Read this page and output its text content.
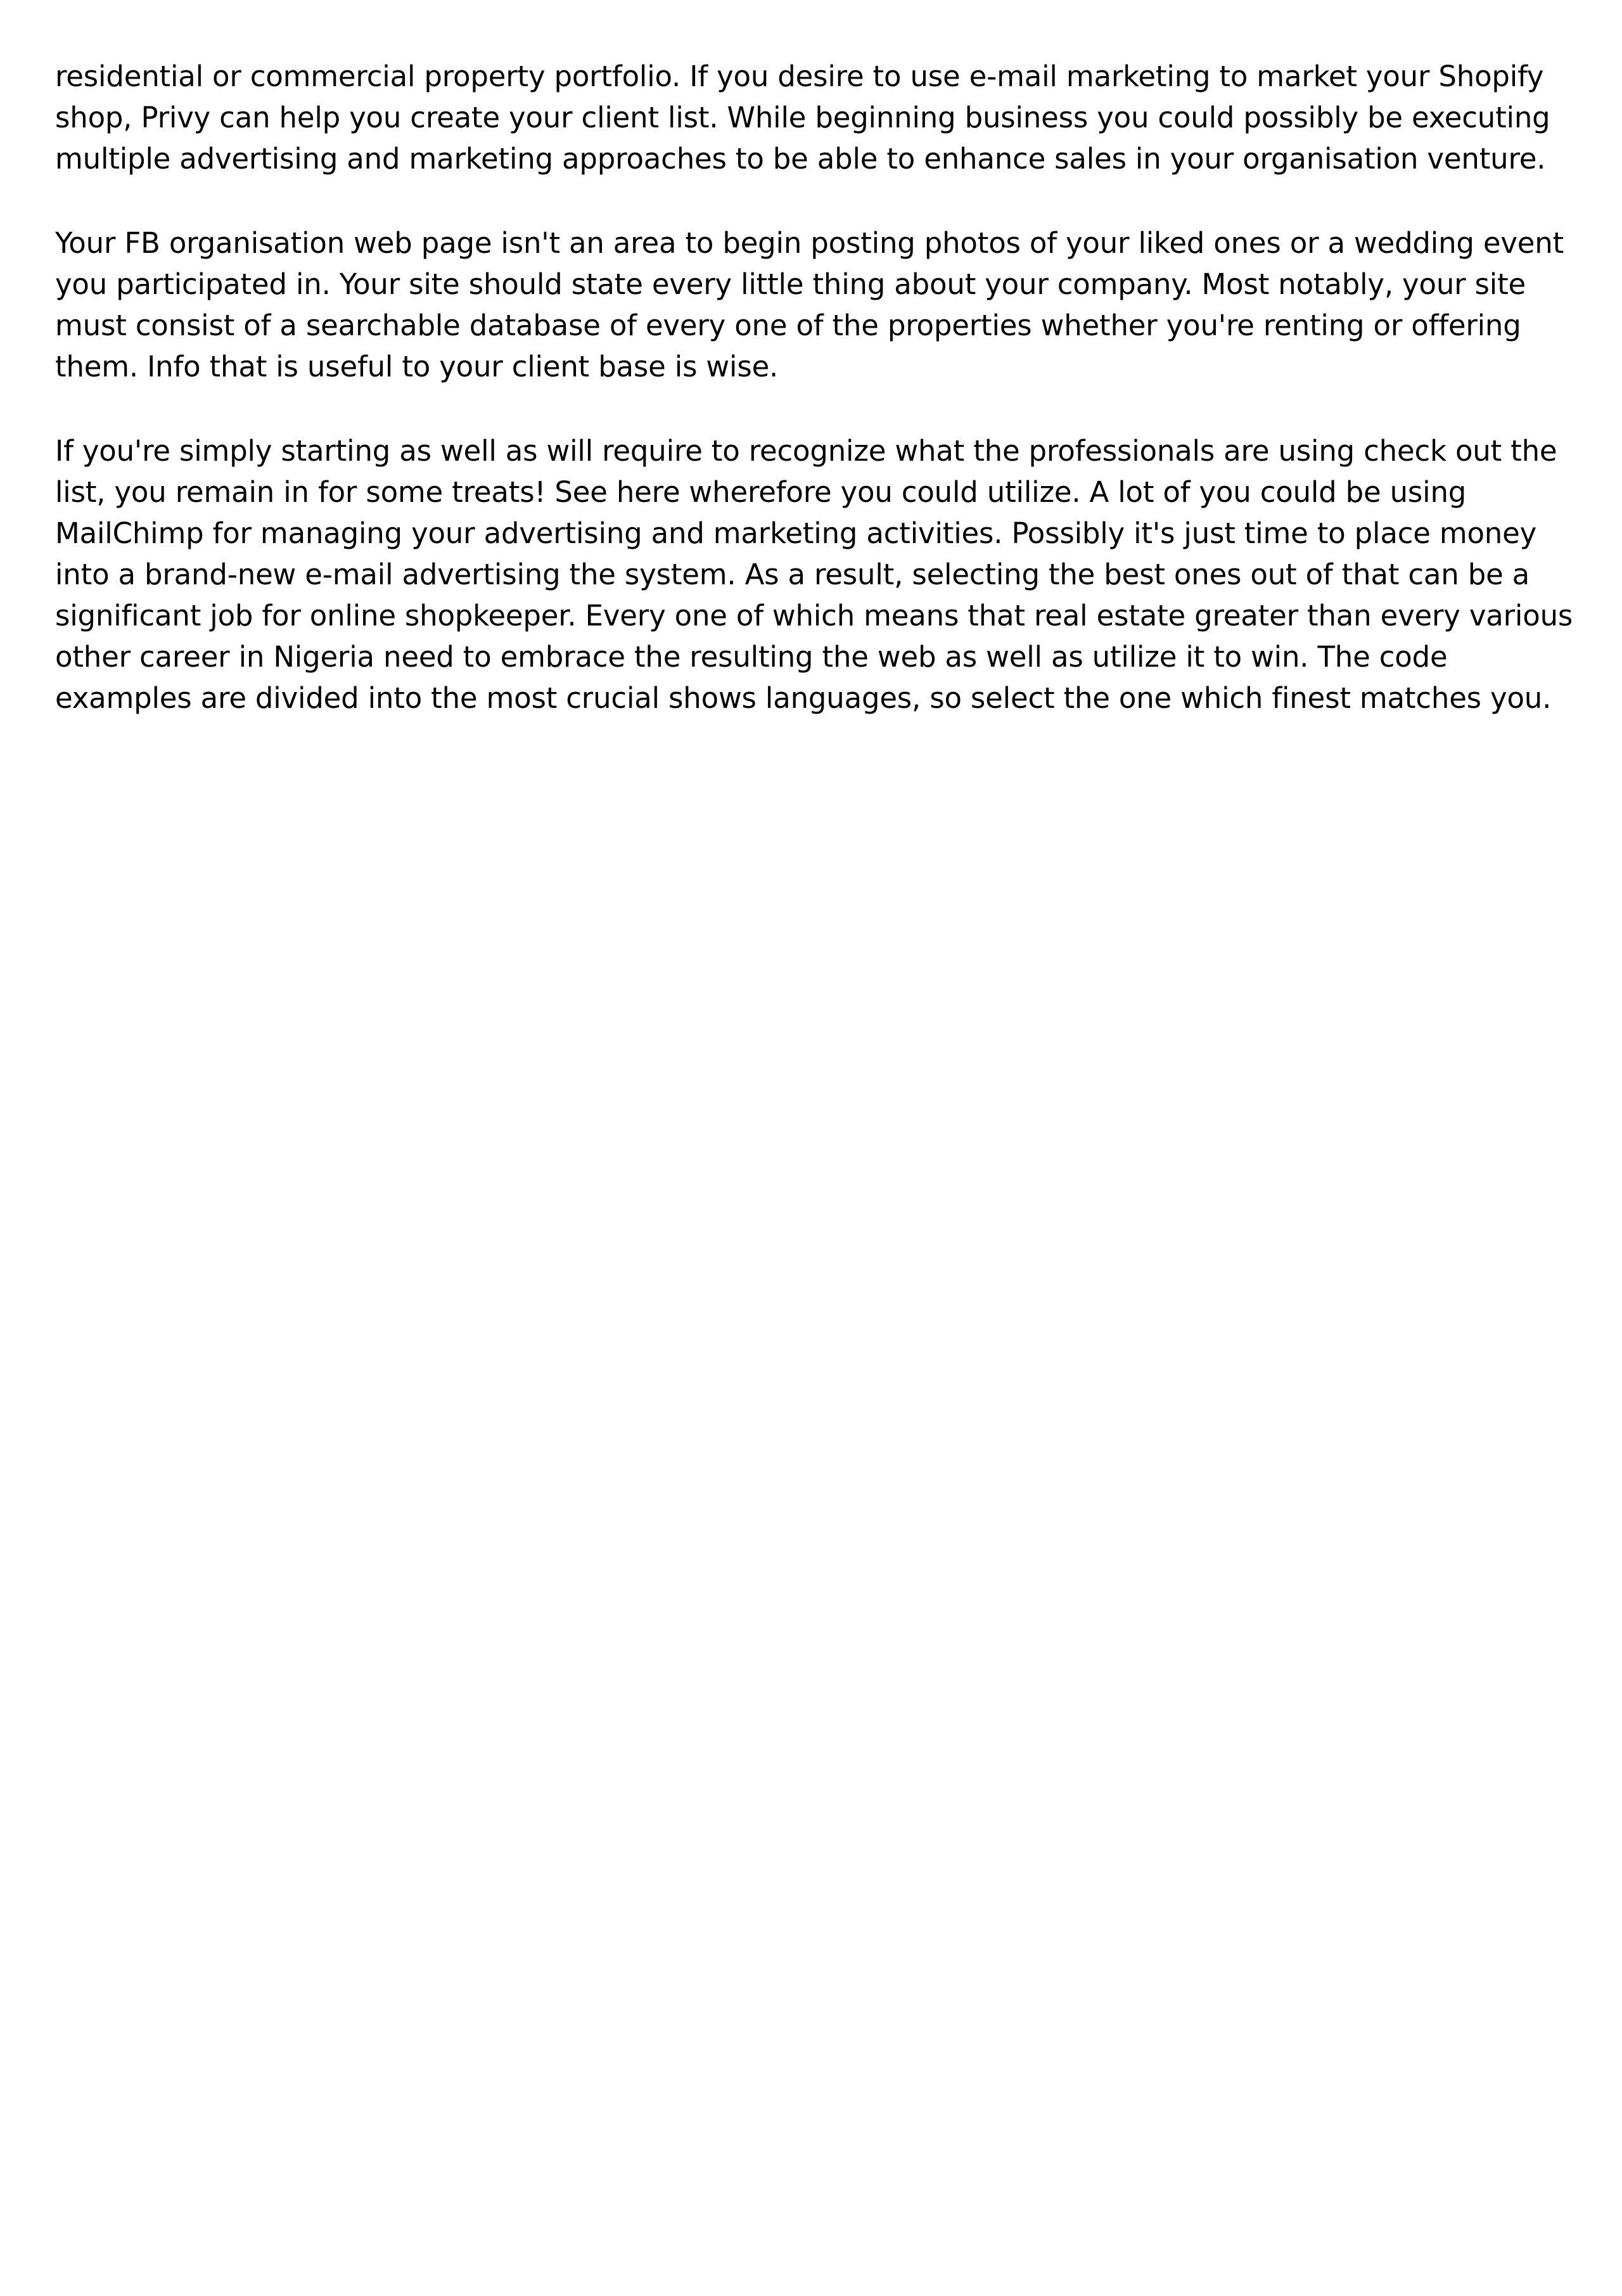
residential or commercial property portfolio. If you desire to use e-mail marketing to market your Shopify shop, Privy can help you create your client list. While beginning business you could possibly be executing multiple advertising and marketing approaches to be able to enhance sales in your organisation venture.

Your FB organisation web page isn't an area to begin posting photos of your liked ones or a wedding event you participated in. Your site should state every little thing about your company. Most notably, your site must consist of a searchable database of every one of the properties whether you're renting or offering them. Info that is useful to your client base is wise.

If you're simply starting as well as will require to recognize what the professionals are using check out the list, you remain in for some treats! See here wherefore you could utilize. A lot of you could be using MailChimp for managing your advertising and marketing activities. Possibly it's just time to place money into a brand-new e-mail advertising the system. As a result, selecting the best ones out of that can be a significant job for online shopkeeper. Every one of which means that real estate greater than every various other career in Nigeria need to embrace the resulting the web as well as utilize it to win. The code examples are divided into the most crucial shows languages, so select the one which finest matches you.
